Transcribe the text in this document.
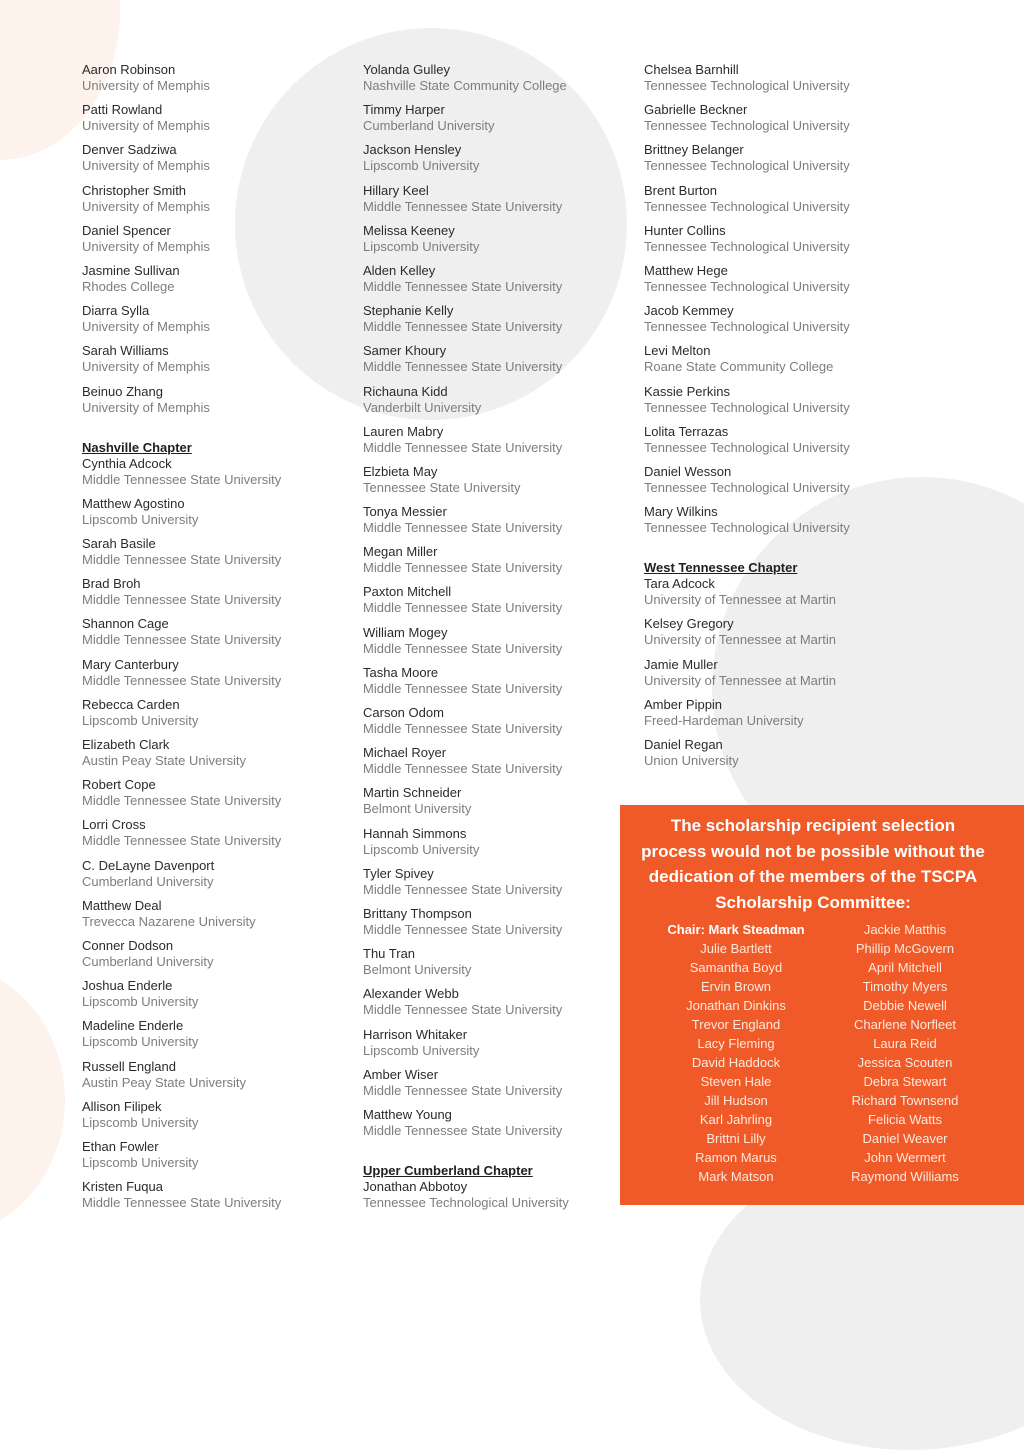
Aaron Robinson
University of Memphis
Patti Rowland
University of Memphis
Denver Sadziwa
University of Memphis
Christopher Smith
University of Memphis
Daniel Spencer
University of Memphis
Jasmine Sullivan
Rhodes College
Diarra Sylla
University of Memphis
Sarah Williams
University of Memphis
Beinuo Zhang
University of Memphis
Nashville Chapter
Cynthia Adcock
Middle Tennessee State University
Matthew Agostino
Lipscomb University
Sarah Basile
Middle Tennessee State University
Brad Broh
Middle Tennessee State University
Shannon Cage
Middle Tennessee State University
Mary Canterbury
Middle Tennessee State University
Rebecca Carden
Lipscomb University
Elizabeth Clark
Austin Peay State University
Robert Cope
Middle Tennessee State University
Lorri Cross
Middle Tennessee State University
C. DeLayne Davenport
Cumberland University
Matthew Deal
Trevecca Nazarene University
Conner Dodson
Cumberland University
Joshua Enderle
Lipscomb University
Madeline Enderle
Lipscomb University
Russell England
Austin Peay State University
Allison Filipek
Lipscomb University
Ethan Fowler
Lipscomb University
Kristen Fuqua
Middle Tennessee State University
Yolanda Gulley
Nashville State Community College
Timmy Harper
Cumberland University
Jackson Hensley
Lipscomb University
Hillary Keel
Middle Tennessee State University
Melissa Keeney
Lipscomb University
Alden Kelley
Middle Tennessee State University
Stephanie Kelly
Middle Tennessee State University
Samer Khoury
Middle Tennessee State University
Richauna Kidd
Vanderbilt University
Lauren Mabry
Middle Tennessee State University
Elzbieta May
Tennessee State University
Tonya Messier
Middle Tennessee State University
Megan Miller
Middle Tennessee State University
Paxton Mitchell
Middle Tennessee State University
William Mogey
Middle Tennessee State University
Tasha Moore
Middle Tennessee State University
Carson Odom
Middle Tennessee State University
Michael Royer
Middle Tennessee State University
Martin Schneider
Belmont University
Hannah Simmons
Lipscomb University
Tyler Spivey
Middle Tennessee State University
Brittany Thompson
Middle Tennessee State University
Thu Tran
Belmont University
Alexander Webb
Middle Tennessee State University
Harrison Whitaker
Lipscomb University
Amber Wiser
Middle Tennessee State University
Matthew Young
Middle Tennessee State University
Upper Cumberland Chapter
Jonathan Abbotoy
Tennessee Technological University
Chelsea Barnhill
Tennessee Technological University
Gabrielle Beckner
Tennessee Technological University
Brittney Belanger
Tennessee Technological University
Brent Burton
Tennessee Technological University
Hunter Collins
Tennessee Technological University
Matthew Hege
Tennessee Technological University
Jacob Kemmey
Tennessee Technological University
Levi Melton
Roane State Community College
Kassie Perkins
Tennessee Technological University
Lolita Terrazas
Tennessee Technological University
Daniel Wesson
Tennessee Technological University
Mary Wilkins
Tennessee Technological University
West Tennessee Chapter
Tara Adcock
University of Tennessee at Martin
Kelsey Gregory
University of Tennessee at Martin
Jamie Muller
University of Tennessee at Martin
Amber Pippin
Freed-Hardeman University
Daniel Regan
Union University
The scholarship recipient selection
process would not be possible without the
dedication of the members of the TSCPA
Scholarship Committee:
Chair: Mark Steadman
Julie Bartlett
Samantha Boyd
Ervin Brown
Jonathan Dinkins
Trevor England
Lacy Fleming
David Haddock
Steven Hale
Jill Hudson
Karl Jahrling
Brittni Lilly
Ramon Marus
Mark Matson
Jackie Matthis
Phillip McGovern
April Mitchell
Timothy Myers
Debbie Newell
Charlene Norfleet
Laura Reid
Jessica Scouten
Debra Stewart
Richard Townsend
Felicia Watts
Daniel Weaver
John Wermert
Raymond Williams
